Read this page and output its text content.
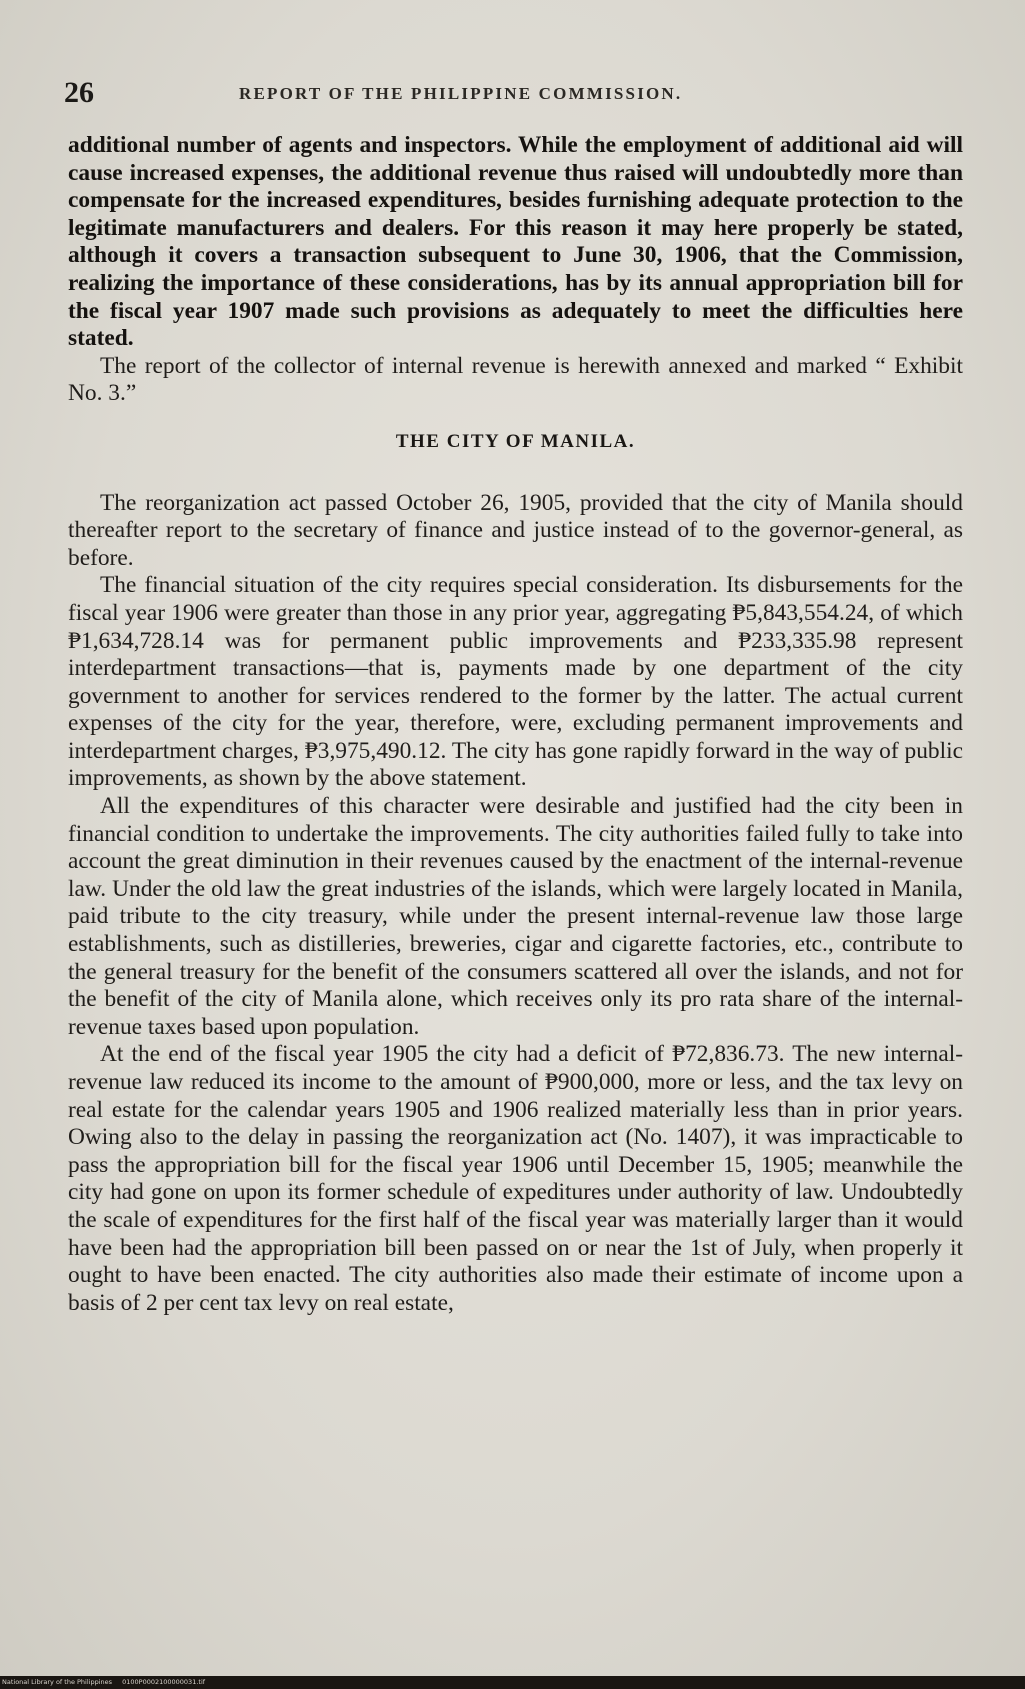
26	REPORT OF THE PHILIPPINE COMMISSION.

additional number of agents and inspectors. While the employment of additional aid will cause increased expenses, the additional revenue thus raised will undoubtedly more than compensate for the increased expenditures, besides furnishing adequate protection to the legitimate manufacturers and dealers. For this reason it may here properly be stated, although it covers a transaction subsequent to June 30, 1906, that the Commission, realizing the importance of these considerations, has by its annual appropriation bill for the fiscal year 1907 made such provisions as adequately to meet the difficulties here stated.

The report of the collector of internal revenue is herewith annexed and marked “ Exhibit No. 3.”

THE CITY OF MANILA.

The reorganization act passed October 26, 1905, provided that the city of Manila should thereafter report to the secretary of finance and justice instead of to the governor-general, as before.

The financial situation of the city requires special consideration. Its disbursements for the fiscal year 1906 were greater than those in any prior year, aggregating ₱5,843,554.24, of which ₱1,634,728.14 was for permanent public improvements and ₱233,335.98 represent interdepartment transactions—that is, payments made by one department of the city government to another for services rendered to the former by the latter. The actual current expenses of the city for the year, therefore, were, excluding permanent improvements and interdepartment charges, ₱3,975,490.12. The city has gone rapidly forward in the way of public improvements, as shown by the above statement.

All the expenditures of this character were desirable and justified had the city been in financial condition to undertake the improvements. The city authorities failed fully to take into account the great diminution in their revenues caused by the enactment of the internal-revenue law. Under the old law the great industries of the islands, which were largely located in Manila, paid tribute to the city treasury, while under the present internal-revenue law those large establishments, such as distilleries, breweries, cigar and cigarette factories, etc., contribute to the general treasury for the benefit of the consumers scattered all over the islands, and not for the benefit of the city of Manila alone, which receives only its pro rata share of the internal-revenue taxes based upon population.

At the end of the fiscal year 1905 the city had a deficit of ₱72,836.73. The new internal-revenue law reduced its income to the amount of ₱900,000, more or less, and the tax levy on real estate for the calendar years 1905 and 1906 realized materially less than in prior years. Owing also to the delay in passing the reorganization act (No. 1407), it was impracticable to pass the appropriation bill for the fiscal year 1906 until December 15, 1905; meanwhile the city had gone on upon its former schedule of expeditures under authority of law. Undoubtedly the scale of expenditures for the first half of the fiscal year was materially larger than it would have been had the appropriation bill been passed on or near the 1st of July, when properly it ought to have been enacted. The city authorities also made their estimate of income upon a basis of 2 per cent tax levy on real estate,

National Library of the Philippines 0100P0002100000031.tif
